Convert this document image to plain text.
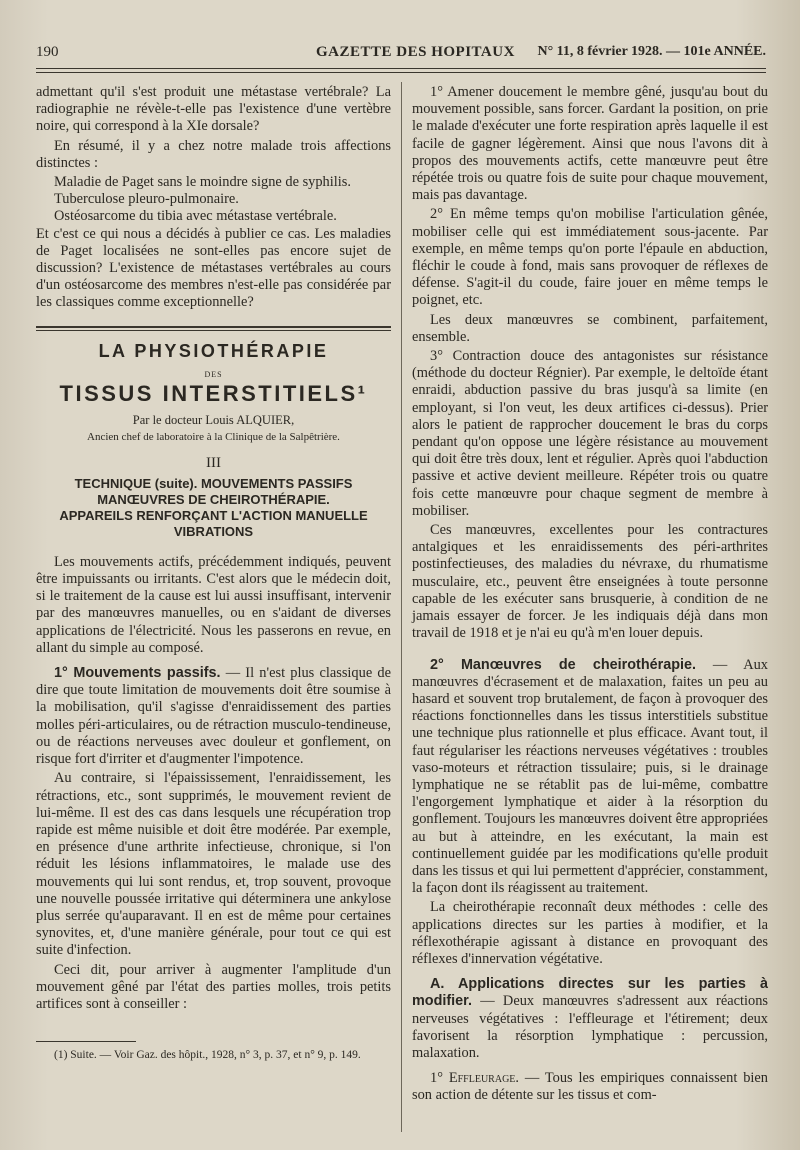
190	GAZETTE DES HOPITAUX N° 11, 8 février 1928. — 101e ANNÉE.

admettant qu'il s'est produit une métastase vertébrale? La radiographie ne révèle-t-elle pas l'existence d'une vertèbre noire, qui correspond à la XIe dorsale?

En résumé, il y a chez notre malade trois affections distinctes :

Maladie de Paget sans le moindre signe de syphilis.

Tuberculose pleuro-pulmonaire.

Ostéosarcome du tibia avec métastase vertébrale.

Et c'est ce qui nous a décidés à publier ce cas. Les maladies de Paget localisées ne sont-elles pas encore sujet de discussion? L'existence de métastases vertébrales au cours d'un ostéosarcome des membres n'est-elle pas considérée par les classiques comme exceptionnelle?

LA PHYSIOTHÉRAPIE
DES
TISSUS INTERSTITIELS¹
Par le docteur Louis ALQUIER,
Ancien chef de laboratoire à la Clinique de la Salpêtrière.
III
TECHNIQUE (suite). MOUVEMENTS PASSIFS
MANŒUVRES DE CHEIROTHÉRAPIE.
APPAREILS RENFORÇANT L'ACTION MANUELLE
VIBRATIONS

Les mouvements actifs, précédemment indiqués, peuvent être impuissants ou irritants. C'est alors que le médecin doit, si le traitement de la cause est lui aussi insuffisant, intervenir par des manœuvres manuelles, ou en s'aidant de diverses applications de l'électricité. Nous les passerons en revue, en allant du simple au composé.

1° Mouvements passifs. — Il n'est plus classique de dire que toute limitation de mouvements doit être soumise à la mobilisation, qu'il s'agisse d'enraidissement des parties molles péri-articulaires, ou de rétraction musculo-tendineuse, ou de réactions nerveuses avec douleur et gonflement, on risque fort d'irriter et d'augmenter l'impotence.

Au contraire, si l'épaississement, l'enraidissement, les rétractions, etc., sont supprimés, le mouvement revient de lui-même. Il est des cas dans lesquels une récupération trop rapide est même nuisible et doit être modérée. Par exemple, en présence d'une arthrite infectieuse, chronique, si l'on réduit les lésions inflammatoires, le malade use des mouvements qui lui sont rendus, et, trop souvent, provoque une nouvelle poussée irritative qui déterminera une ankylose plus serrée qu'auparavant. Il en est de même pour certaines synovites, et, d'une manière générale, pour tout ce qui est suite d'infection.

Ceci dit, pour arriver à augmenter l'amplitude d'un mouvement gêné par l'état des parties molles, trois petits artifices sont à conseiller :

(1) Suite. — Voir Gaz. des hôpit., 1928, n° 3, p. 37, et n° 9, p. 149.

1° Amener doucement le membre gêné, jusqu'au bout du mouvement possible, sans forcer. Gardant la position, on prie le malade d'exécuter une forte respiration après laquelle il est facile de gagner légèrement. Ainsi que nous l'avons dit à propos des mouvements actifs, cette manœuvre peut être répétée trois ou quatre fois de suite pour chaque mouvement, mais pas davantage.

2° En même temps qu'on mobilise l'articulation gênée, mobiliser celle qui est immédiatement sous-jacente. Par exemple, en même temps qu'on porte l'épaule en abduction, fléchir le coude à fond, mais sans provoquer de réflexes de défense. S'agit-il du coude, faire jouer en même temps le poignet, etc.

Les deux manœuvres se combinent, parfaitement, ensemble.

3° Contraction douce des antagonistes sur résistance (méthode du docteur Régnier). Par exemple, le deltoïde étant enraidi, abduction passive du bras jusqu'à sa limite (en employant, si l'on veut, les deux artifices ci-dessus). Prier alors le patient de rapprocher doucement le bras du corps pendant qu'on oppose une légère résistance au mouvement qui doit être très doux, lent et régulier. Après quoi l'abduction passive et active devient meilleure. Répéter trois ou quatre fois cette manœuvre pour chaque segment de membre à mobiliser.

Ces manœuvres, excellentes pour les contractures antalgiques et les enraidissements des péri-arthrites postinfectieuses, des maladies du névraxe, du rhumatisme musculaire, etc., peuvent être enseignées à toute personne capable de les exécuter sans brusquerie, à condition de ne jamais essayer de forcer. Je les indiquais déjà dans mon travail de 1918 et je n'ai eu qu'à m'en louer depuis.

2° Manœuvres de cheirothérapie. — Aux manœuvres d'écrasement et de malaxation, faites un peu au hasard et souvent trop brutalement, de façon à provoquer des réactions fonctionnelles dans les tissus interstitiels substitue une technique plus rationnelle et plus efficace. Avant tout, il faut régulariser les réactions nerveuses végétatives : troubles vaso-moteurs et rétraction tissulaire; puis, si le drainage lymphatique ne se rétablit pas de lui-même, combattre l'engorgement lymphatique et aider à la résorption du gonflement. Toujours les manœuvres doivent être appropriées au but à atteindre, en les exécutant, la main est continuellement guidée par les modifications qu'elle produit dans les tissus et qui lui permettent d'apprécier, constamment, la façon dont ils réagissent au traitement.

La cheirothérapie reconnaît deux méthodes : celle des applications directes sur les parties à modifier, et la réflexothérapie agissant à distance en provoquant des réflexes d'innervation végétative.

A. Applications directes sur les parties à modifier. — Deux manœuvres s'adressent aux réactions nerveuses végétatives : l'effleurage et l'étirement; deux favorisent la résorption lymphatique : percussion, malaxation.

1° Effleurage. — Tous les empiriques connaissent bien son action de détente sur les tissus et com-
